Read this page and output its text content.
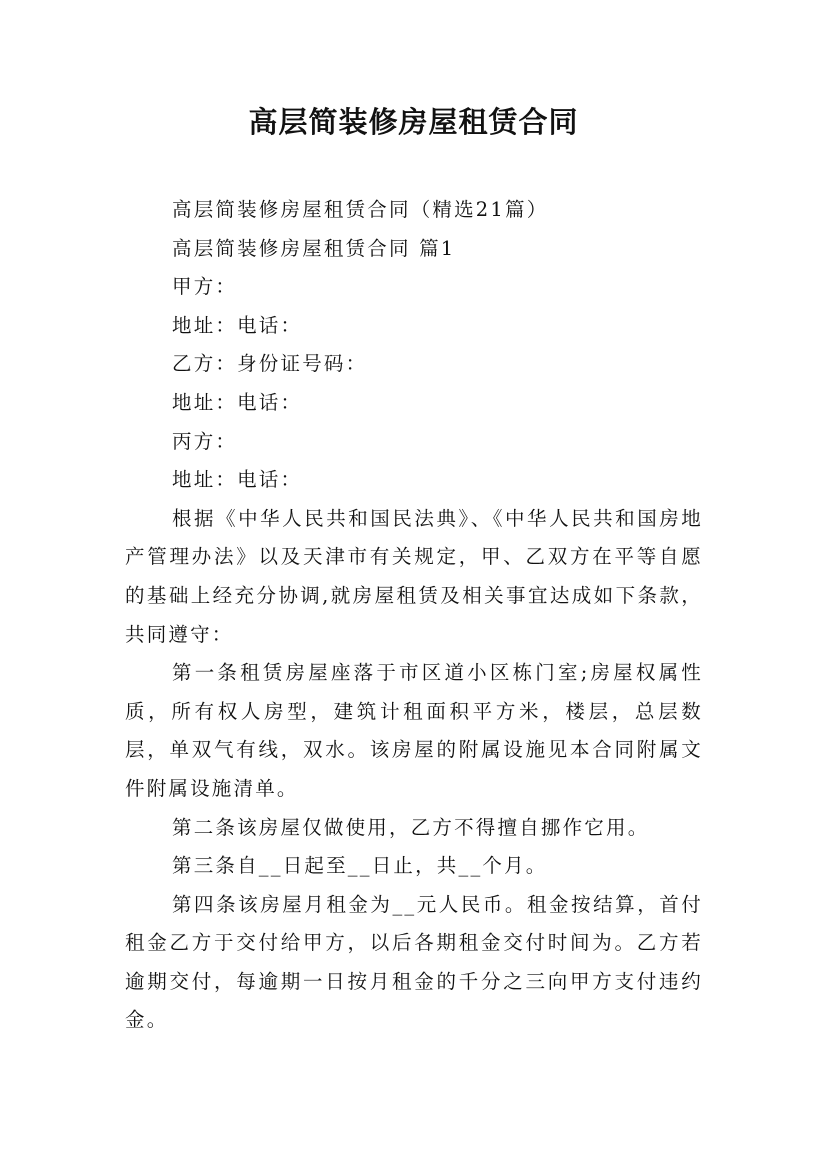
高层简装修房屋租赁合同

高层简装修房屋租赁合同（精选21篇）

高层简装修房屋租赁合同 篇1

甲方：

地址：电话：

乙方：身份证号码：

地址：电话：

丙方：

地址：电话：

根据《中华人民共和国民法典》、《中华人民共和国房地产管理办法》以及天津市有关规定，甲、乙双方在平等自愿的基础上经充分协调,就房屋租赁及相关事宜达成如下条款，共同遵守：

第一条租赁房屋座落于市区道小区栋门室;房屋权属性质，所有权人房型，建筑计租面积平方米，楼层，总层数层，单双气有线，双水。该房屋的附属设施见本合同附属文件附属设施清单。

第二条该房屋仅做使用，乙方不得擅自挪作它用。

第三条自__日起至__日止，共__个月。

第四条该房屋月租金为__元人民币。租金按结算，首付租金乙方于交付给甲方，以后各期租金交付时间为。乙方若逾期交付，每逾期一日按月租金的千分之三向甲方支付违约金。
